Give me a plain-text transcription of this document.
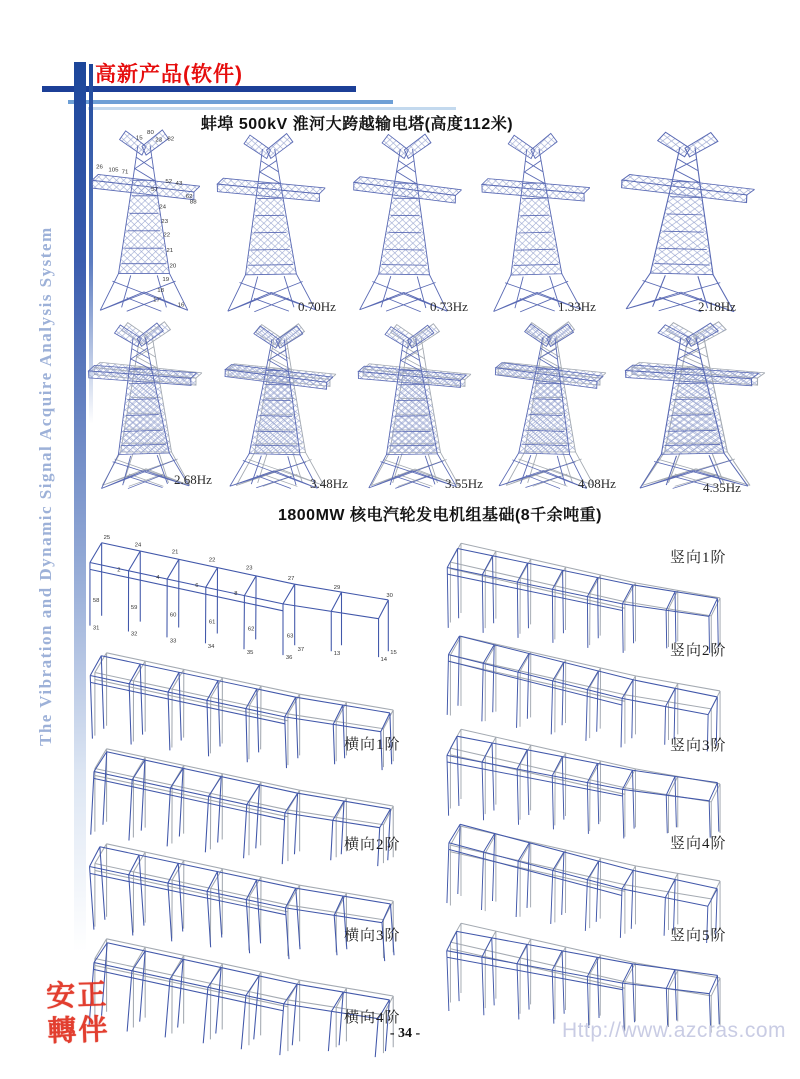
高新产品(软件)
The Vibration and Dynamic Signal Acquire Analysis System
蚌埠 500kV 淮河大跨越输电塔(高度112米)
80
15 23 82
26 105 71
52 43
57
62
88
24
23
22
21
20
19
18
17
16	0.70Hz	0.73Hz	1.33Hz	2.18Hz
2.68Hz	3.48Hz	3.55Hz	4.08Hz	4.35Hz
1800MW 核电汽轮发电机组基础(8千余吨重)
25
24
21
22
23
27
29
30
2
4
6
8
58
59
60
61
62
63
31
32
33
34
35
36
37
13
14
15
横向1阶
横向2阶
横向3阶
横向4阶
竖向1阶
竖向2阶
竖向3阶
竖向4阶
竖向5阶
安 正
轉 伴	- 34 -	Http://www.azcras.com
